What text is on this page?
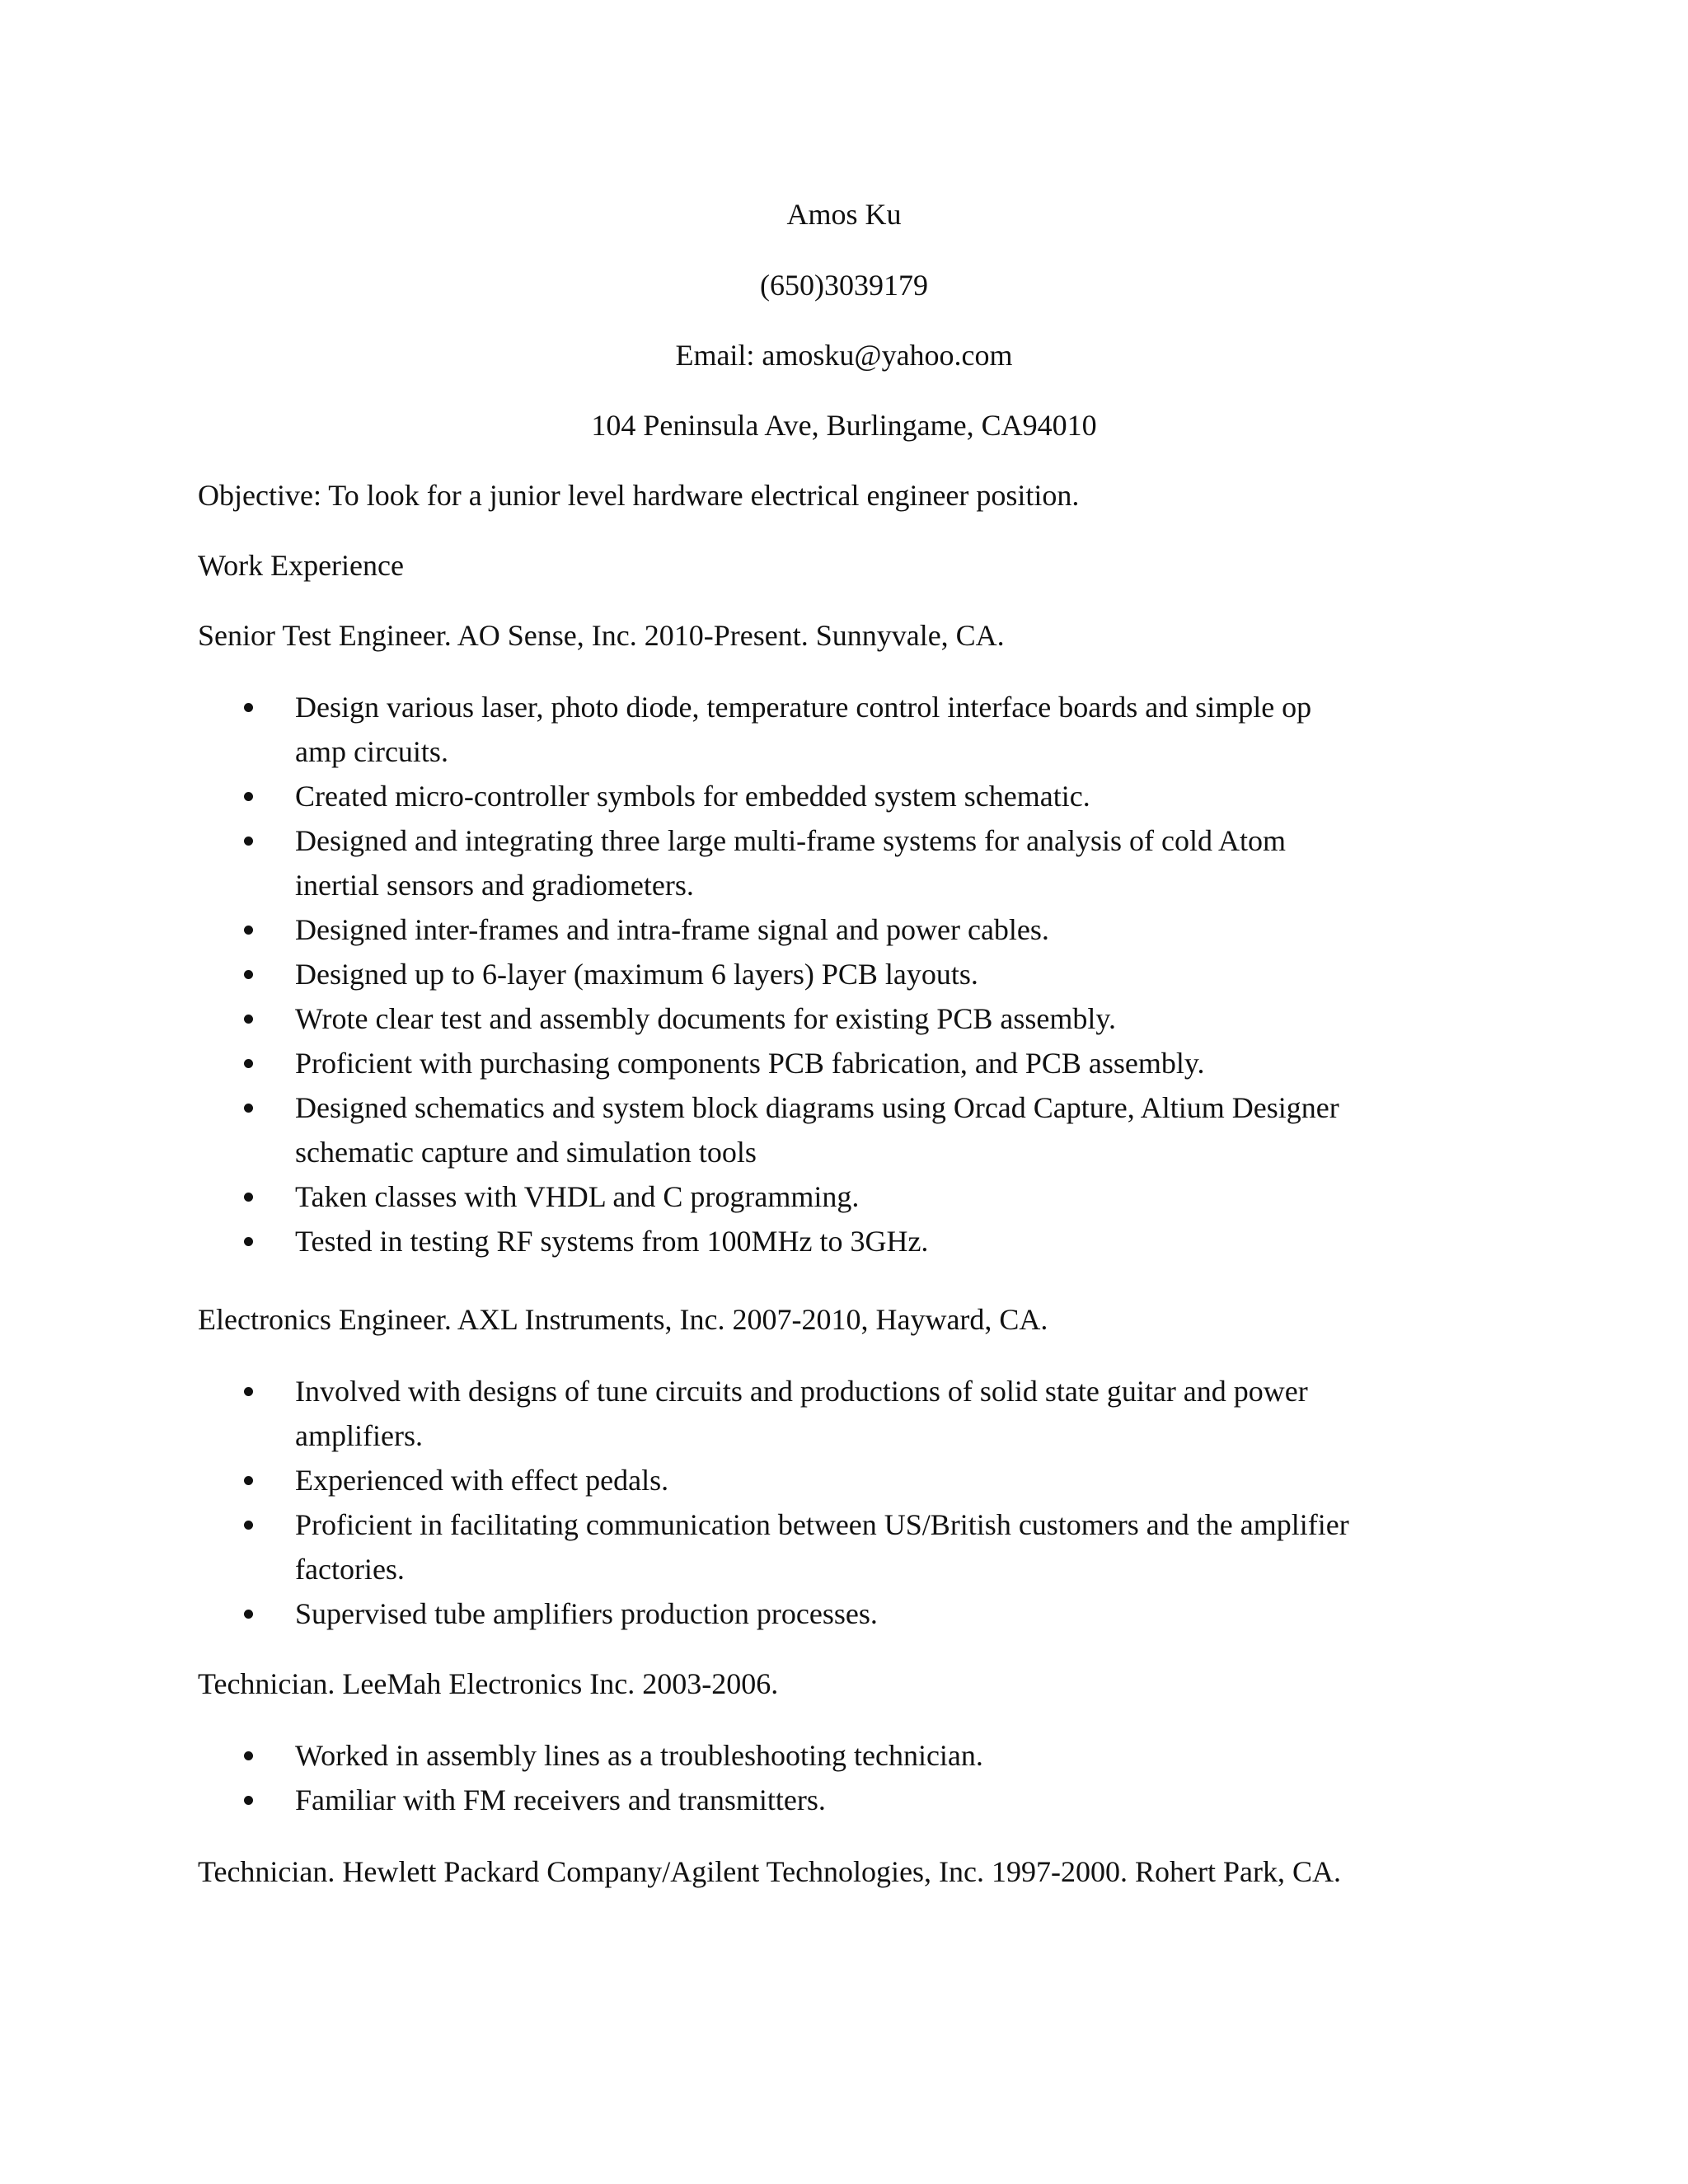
Amos Ku

(650)3039179

Email: amosku@yahoo.com

104 Peninsula Ave, Burlingame, CA94010

Objective: To look for a junior level hardware electrical engineer position.

Work Experience

Senior Test Engineer. AO Sense, Inc. 2010-Present. Sunnyvale, CA.

Design various laser, photo diode, temperature control interface boards and simple op
amp circuits.
Created micro-controller symbols for embedded system schematic.
Designed and integrating three large multi-frame systems for analysis of cold Atom
inertial sensors and gradiometers.
Designed inter-frames and intra-frame signal and power cables.
Designed up to 6-layer (maximum 6 layers) PCB layouts.
Wrote clear test and assembly documents for existing PCB assembly.
Proficient with purchasing components PCB fabrication, and PCB assembly.
Designed schematics and system block diagrams using Orcad Capture, Altium Designer
schematic capture and simulation tools
Taken classes with VHDL and C programming.
Tested in testing RF systems from 100MHz to 3GHz.

Electronics Engineer. AXL Instruments, Inc. 2007-2010, Hayward, CA.

Involved with designs of tune circuits and productions of solid state guitar and power
amplifiers.
Experienced with effect pedals.
Proficient in facilitating communication between US/British customers and the amplifier
factories.
Supervised tube amplifiers production processes.

Technician. LeeMah Electronics Inc. 2003-2006.

Worked in assembly lines as a troubleshooting technician.
Familiar with FM receivers and transmitters.

Technician. Hewlett Packard Company/Agilent Technologies, Inc. 1997-2000. Rohert Park, CA.
